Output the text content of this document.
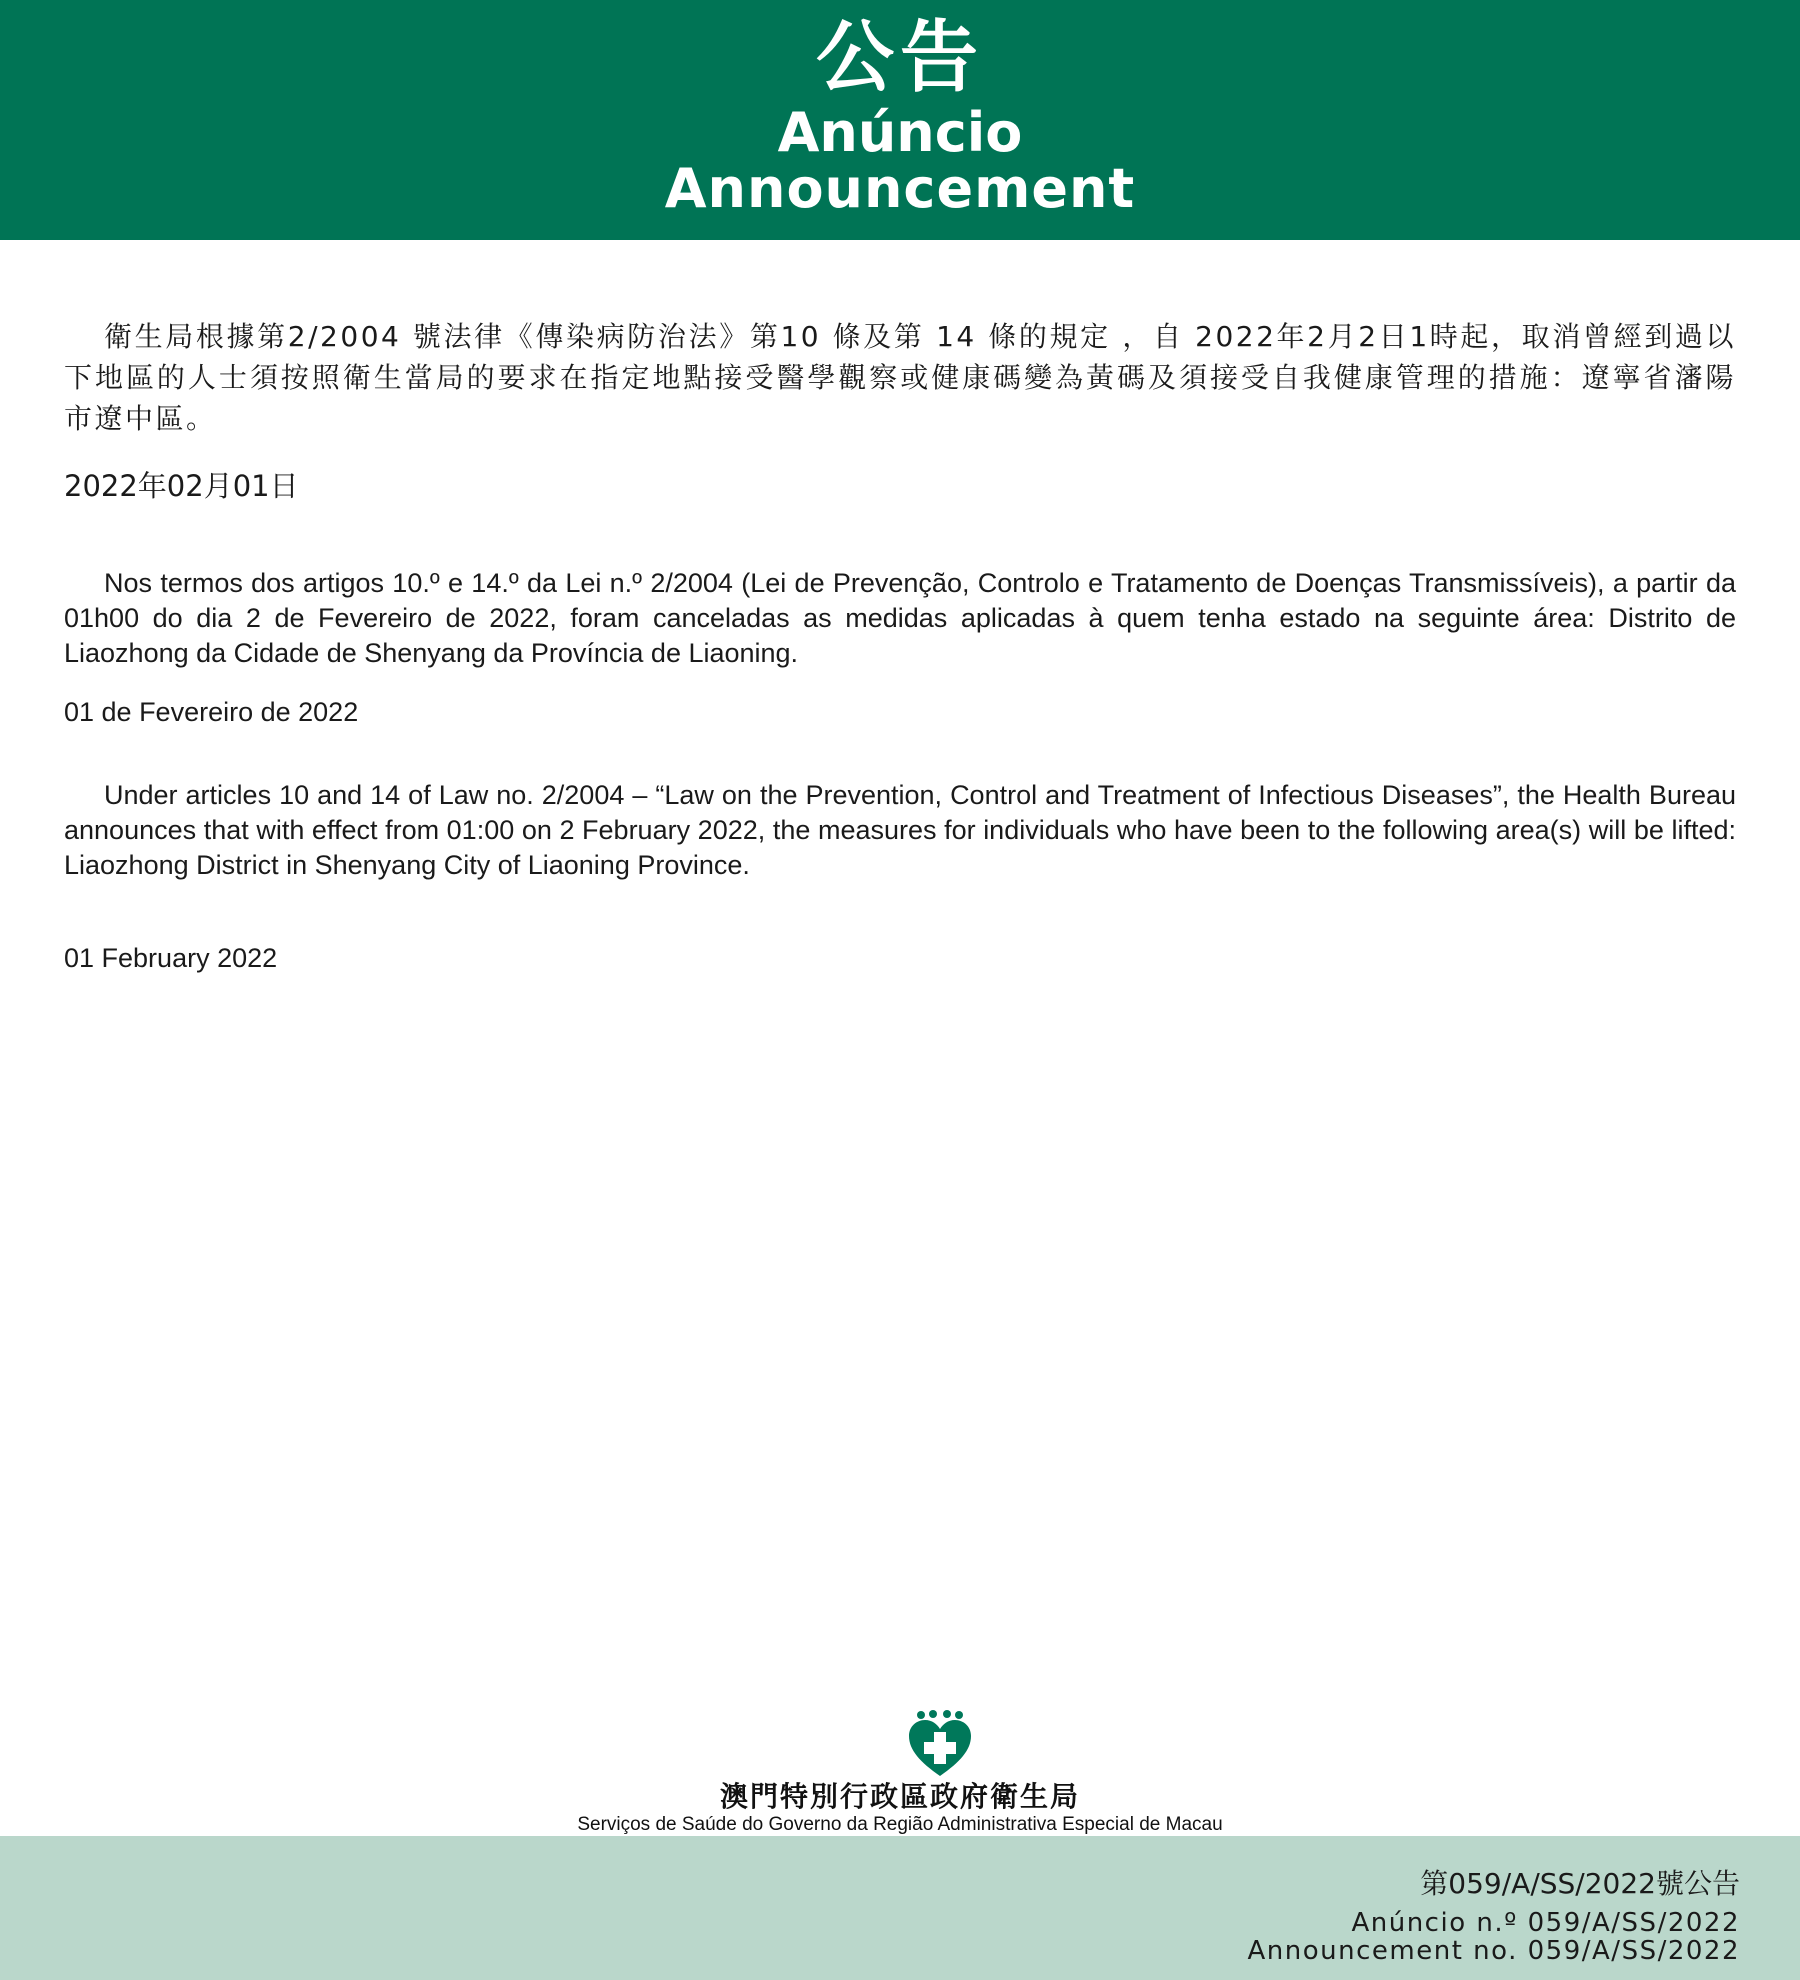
公告
Anúncio
Announcement

衛生局根據第2/2004 號法律《傳染病防治法》第10 條及第 14 條的規定 ，自 2022年2月2日1時起，取消曾經到過以下地區的人士須按照衛生當局的要求在指定地點接受醫學觀察或健康碼變為黃碼及須接受自我健康管理的措施：遼寧省瀋陽市遼中區。

2022年02月01日

Nos termos dos artigos 10.º e 14.º da Lei n.º 2/2004 (Lei de Prevenção, Controlo e Tratamento de Doenças Transmissíveis), a partir da 01h00 do dia 2 de Fevereiro de 2022, foram canceladas as medidas aplicadas à quem tenha estado na seguinte área: Distrito de Liaozhong da Cidade de Shenyang da Província de Liaoning.

01 de Fevereiro de 2022

Under articles 10 and 14 of Law no. 2/2004 – “Law on the Prevention, Control and Treatment of Infectious Diseases”, the Health Bureau announces that with effect from 01:00 on 2 February 2022, the measures for individuals who have been to the following area(s) will be lifted: Liaozhong District in Shenyang City of Liaoning Province.

01 February 2022
澳門特別行政區政府衛生局
Serviços de Saúde do Governo da Região Administrativa Especial de Macau
第059/A/SS/2022號公告
Anúncio n.º 059/A/SS/2022
Announcement no. 059/A/SS/2022
